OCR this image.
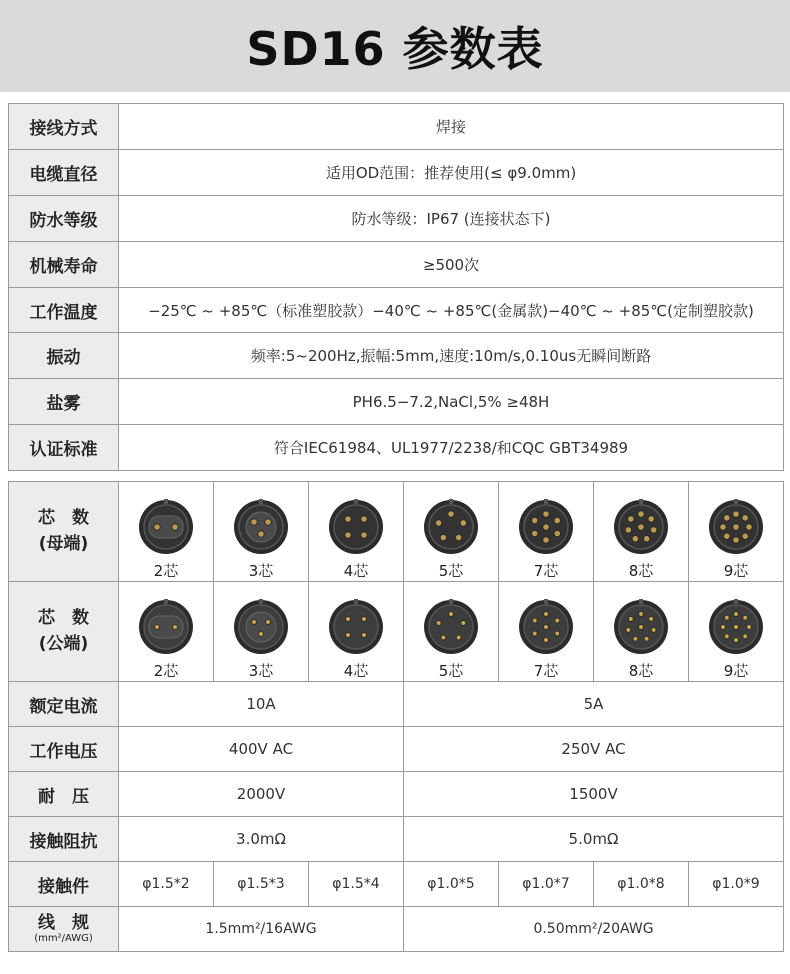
SD16 参数表
接线方式	焊接
电缆直径	适用OD范围：推荐使用(≤ φ9.0mm)
防水等级	防水等级：IP67 (连接状态下)
机械寿命	≥500次
工作温度	−25℃ ~ +85℃（标准塑胶款）−40℃ ~ +85℃(金属款)−40℃ ~ +85℃(定制塑胶款)
振动	频率:5~200Hz,振幅:5mm,速度:10m/s,0.10us无瞬间断路
盐雾	PH6.5−7.2,NaCl,5% ≥48H
认证标准	符合IEC61984、UL1977/2238/和CQC GBT34989
芯　数
(母端)	2芯	3芯	4芯	5芯	7芯	8芯	9芯

芯　数
(公端)	2芯	3芯	4芯	5芯	7芯	8芯	9芯

额定电流	10A			5A			
工作电压	400V AC			250V AC			
耐　压	2000V			1500V			
接触阻抗	3.0mΩ			5.0mΩ			
接触件	φ1.5*2	φ1.5*3	φ1.5*4	φ1.0*5	φ1.0*7	φ1.0*8	φ1.0*9

线　规
(mm²/AWG)	1.5mm²/16AWG			0.50mm²/20AWG			
